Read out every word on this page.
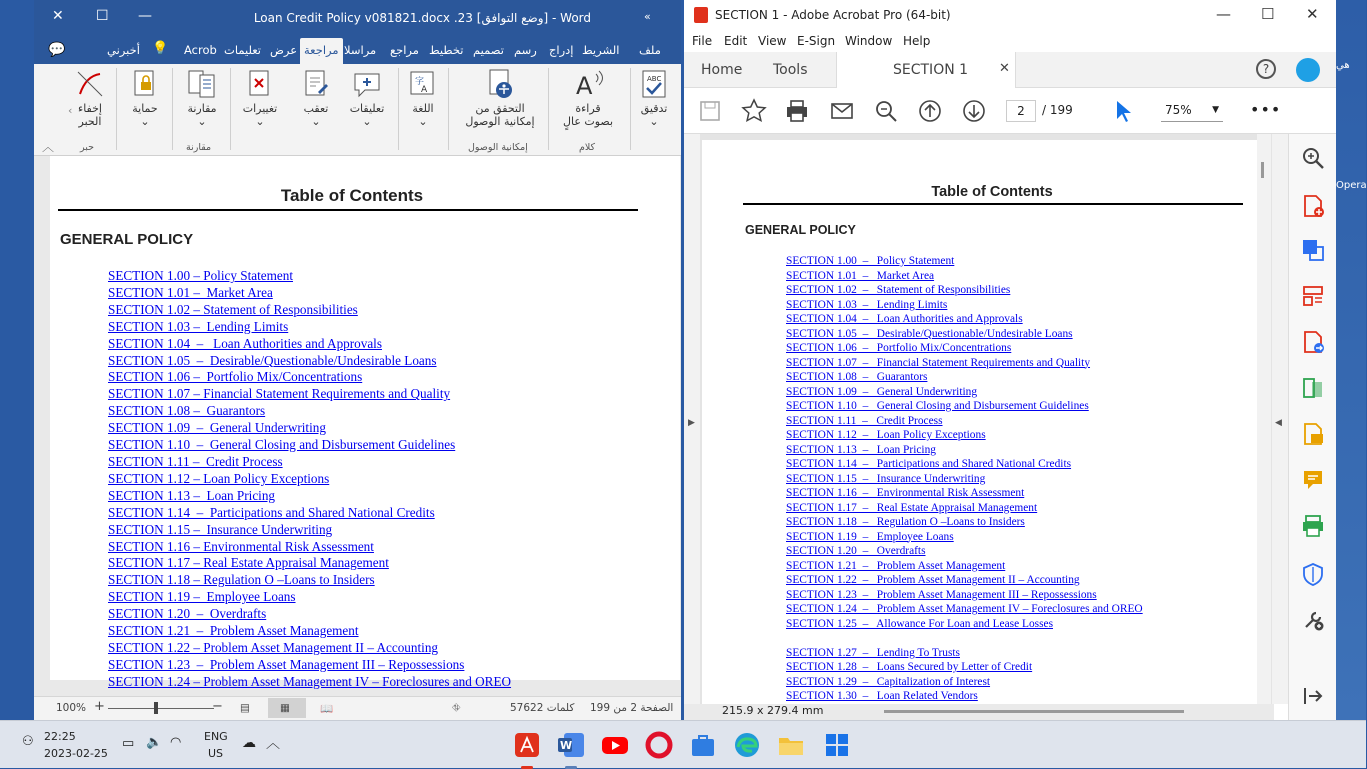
هي
Opera
✕ ☐ —	Loan Credit Policy v081821.docx .23 [وضع التوافق] - Word	«
💬	أخبرني 💡 Acrob تعليمات عرض مراجعة مراسلا مراجع تخطيط تصميم رسم إدراج الشريط ملف
ABC
تدقيق
⌄
A
قراءة
بصوت عالٍ
كلام
التحقق من
إمكانية الوصول
إمكانية الوصول
字
A
اللغة
⌄
تعليقات
⌄
تعقب
⌄
تغييرات
⌄
مقارنة
⌄
مقارنة
حماية
⌄
إخفاء
الحبر
حبر
‹
︿
Table of Contents
GENERAL POLICY
SECTION 1.00 – Policy Statement
SECTION 1.01 –  Market Area
SECTION 1.02 – Statement of Responsibilities
SECTION 1.03 –  Lending Limits
SECTION 1.04  –   Loan Authorities and Approvals
SECTION 1.05  –  Desirable/Questionable/Undesirable Loans
SECTION 1.06 –  Portfolio Mix/Concentrations
SECTION 1.07 – Financial Statement Requirements and Quality
SECTION 1.08 –  Guarantors
SECTION 1.09  –  General Underwriting
SECTION 1.10  –  General Closing and Disbursement Guidelines
SECTION 1.11 –  Credit Process
SECTION 1.12 – Loan Policy Exceptions
SECTION 1.13 –  Loan Pricing
SECTION 1.14  –  Participations and Shared National Credits
SECTION 1.15 –  Insurance Underwriting
SECTION 1.16 – Environmental Risk Assessment
SECTION 1.17 – Real Estate Appraisal Management
SECTION 1.18 – Regulation O –Loans to Insiders
SECTION 1.19 –  Employee Loans
SECTION 1.20  –  Overdrafts
SECTION 1.21  –  Problem Asset Management
SECTION 1.22 – Problem Asset Management II – Accounting
SECTION 1.23  –  Problem Asset Management III – Repossessions
SECTION 1.24 – Problem Asset Management IV – Foreclosures and OREO
100% +	− ▤	▦	📖	⛗	57622 كلمات الصفحة 2 من 199
SECTION 1 - Adobe Acrobat Pro (64-bit)	— ☐ ✕
File Edit View E-Sign Window Help
Home Tools	SECTION 1 ✕	?
2	/ 199	75% ▼ •••
▶
Table of Contents
GENERAL POLICY
SECTION 1.00  –   Policy Statement
SECTION 1.01  –   Market Area
SECTION 1.02  –   Statement of Responsibilities
SECTION 1.03  –   Lending Limits
SECTION 1.04  –   Loan Authorities and Approvals
SECTION 1.05  –   Desirable/Questionable/Undesirable Loans
SECTION 1.06  –   Portfolio Mix/Concentrations
SECTION 1.07  –   Financial Statement Requirements and Quality
SECTION 1.08  –   Guarantors
SECTION 1.09  –   General Underwriting
SECTION 1.10  –   General Closing and Disbursement Guidelines
SECTION 1.11  –   Credit Process
SECTION 1.12  –   Loan Policy Exceptions
SECTION 1.13  –   Loan Pricing
SECTION 1.14  –   Participations and Shared National Credits
SECTION 1.15  –   Insurance Underwriting
SECTION 1.16  –   Environmental Risk Assessment
SECTION 1.17  –   Real Estate Appraisal Management
SECTION 1.18  –   Regulation O –Loans to Insiders
SECTION 1.19  –   Employee Loans
SECTION 1.20  –   Overdrafts
SECTION 1.21  –   Problem Asset Management
SECTION 1.22  –   Problem Asset Management II – Accounting
SECTION 1.23  –   Problem Asset Management III – Repossessions
SECTION 1.24  –   Problem Asset Management IV – Foreclosures and OREO
SECTION 1.25  –   Allowance For Loan and Lease Losses
SECTION 1.27  –   Lending To Trusts
SECTION 1.28  –   Loans Secured by Letter of Credit
SECTION 1.29  –   Capitalization of Interest
SECTION 1.30  –   Loan Related Vendors
◀
215.9 x 279.4 mm
⚇ 22:25
2023-02-25
▭ 🔈 ◠ ENG
US
☁ ︿	W
